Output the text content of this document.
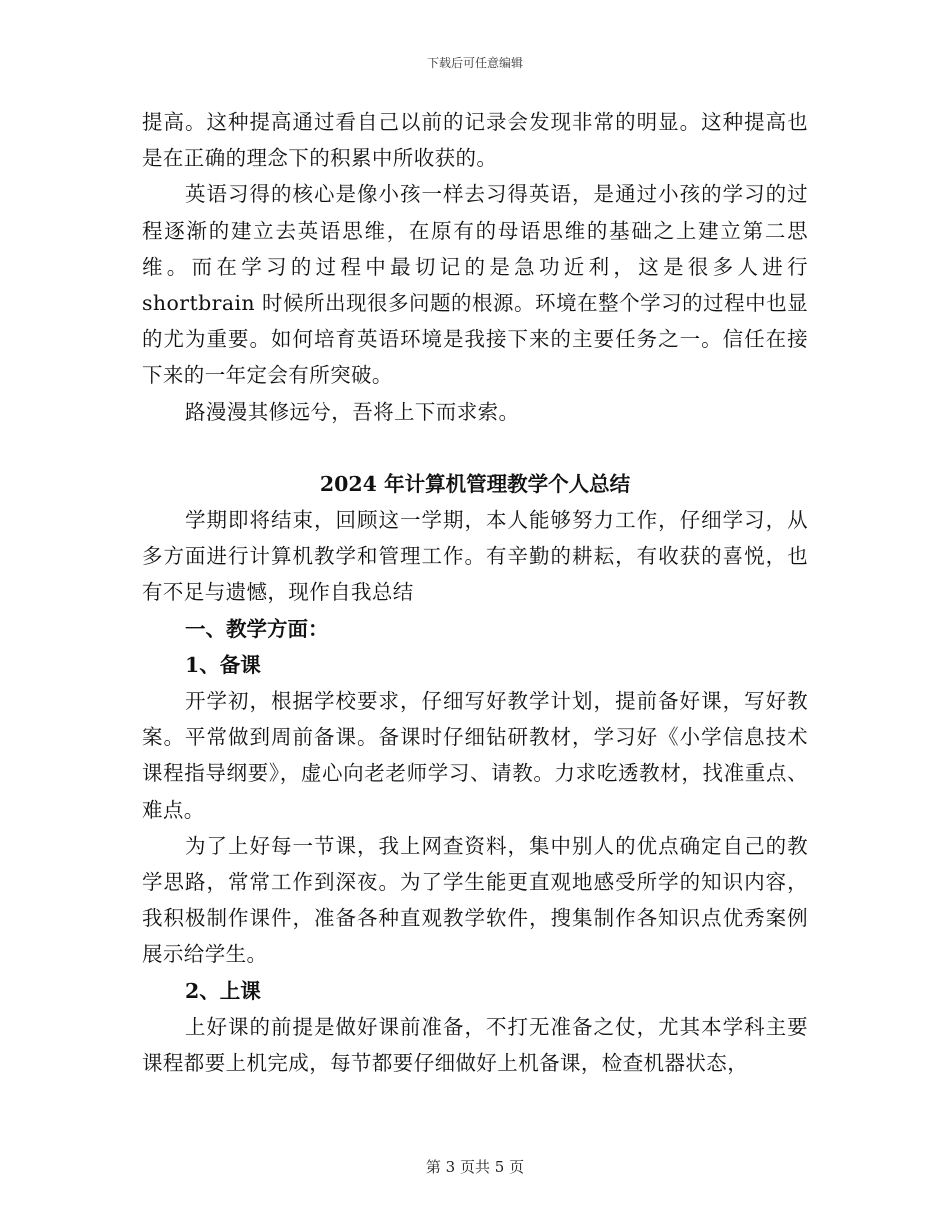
下载后可任意编辑

提高。这种提高通过看自己以前的记录会发现非常的明显。这种提高也是在正确的理念下的积累中所收获的。

英语习得的核心是像小孩一样去习得英语，是通过小孩的学习的过程逐渐的建立去英语思维，在原有的母语思维的基础之上建立第二思维。而在学习的过程中最切记的是急功近利，这是很多人进行 shortbrain 时候所出现很多问题的根源。环境在整个学习的过程中也显的尤为重要。如何培育英语环境是我接下来的主要任务之一。信任在接下来的一年定会有所突破。

路漫漫其修远兮，吾将上下而求索。

2024 年计算机管理教学个人总结

学期即将结束，回顾这一学期，本人能够努力工作，仔细学习，从多方面进行计算机教学和管理工作。有辛勤的耕耘，有收获的喜悦，也有不足与遗憾，现作自我总结

一、教学方面：

1、备课

开学初，根据学校要求，仔细写好教学计划，提前备好课，写好教案。平常做到周前备课。备课时仔细钻研教材，学习好《小学信息技术课程指导纲要》，虚心向老老师学习、请教。力求吃透教材，找准重点、难点。

为了上好每一节课，我上网查资料，集中别人的优点确定自己的教学思路，常常工作到深夜。为了学生能更直观地感受所学的知识内容，我积极制作课件，准备各种直观教学软件，搜集制作各知识点优秀案例展示给学生。

2、上课

上好课的前提是做好课前准备，不打无准备之仗，尤其本学科主要课程都要上机完成，每节都要仔细做好上机备课，检查机器状态，

第 3 页共 5 页
